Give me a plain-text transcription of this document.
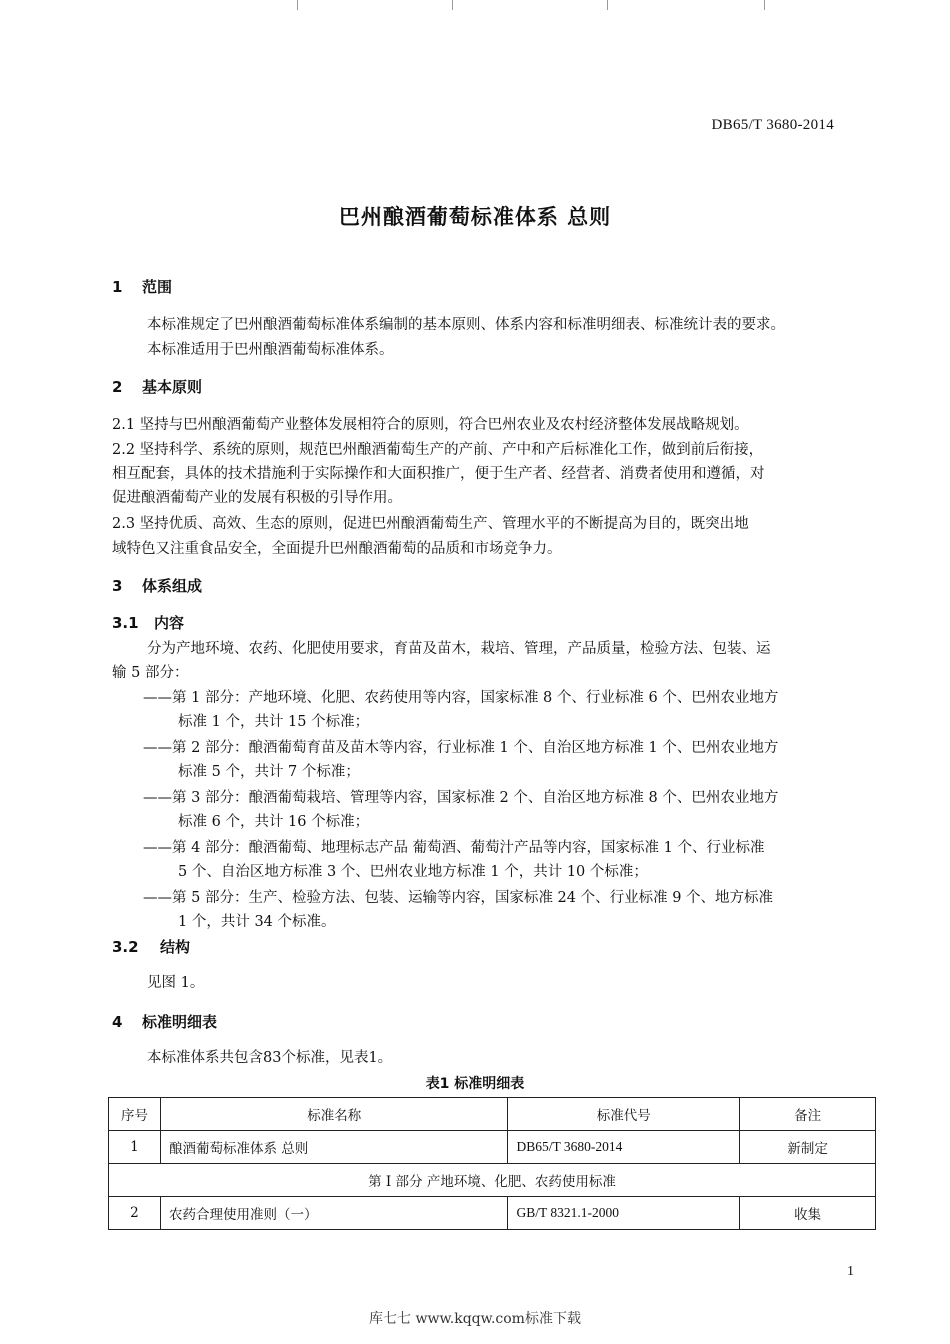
DB65/T 3680-2014
巴州酿酒葡萄标准体系 总则
1 范围
本标准规定了巴州酿酒葡萄标准体系编制的基本原则、体系内容和标准明细表、标准统计表的要求。
本标准适用于巴州酿酒葡萄标准体系。
2 基本原则
2.1 坚持与巴州酿酒葡萄产业整体发展相符合的原则，符合巴州农业及农村经济整体发展战略规划。
2.2 坚持科学、系统的原则，规范巴州酿酒葡萄生产的产前、产中和产后标准化工作，做到前后衔接，
相互配套，具体的技术措施利于实际操作和大面积推广，便于生产者、经营者、消费者使用和遵循，对
促进酿酒葡萄产业的发展有积极的引导作用。
2.3 坚持优质、高效、生态的原则，促进巴州酿酒葡萄生产、管理水平的不断提高为目的，既突出地
域特色又注重食品安全，全面提升巴州酿酒葡萄的品质和市场竞争力。
3 体系组成
3.1 内容
分为产地环境、农药、化肥使用要求，育苗及苗木，栽培、管理，产品质量，检验方法、包装、运
输 5 部分：
——第 1 部分：产地环境、化肥、农药使用等内容，国家标准 8 个、行业标准 6 个、巴州农业地方
标准 1 个，共计 15 个标准；
——第 2 部分：酿酒葡萄育苗及苗木等内容，行业标准 1 个、自治区地方标准 1 个、巴州农业地方
标准 5 个，共计 7 个标准；
——第 3 部分：酿酒葡萄栽培、管理等内容，国家标准 2 个、自治区地方标准 8 个、巴州农业地方
标准 6 个，共计 16 个标准；
——第 4 部分：酿酒葡萄、地理标志产品 葡萄酒、葡萄汁产品等内容，国家标准 1 个、行业标准
5 个、自治区地方标准 3 个、巴州农业地方标准 1 个，共计 10 个标准；
——第 5 部分：生产、检验方法、包装、运输等内容，国家标准 24 个、行业标准 9 个、地方标准
1 个，共计 34 个标准。
3.2 结构
见图 1。
4 标准明细表
本标准体系共包含83个标准，见表1。
表1 标准明细表
序号	标准名称	标准代号	备注
1	酿酒葡萄标准体系 总则	DB65/T 3680-2014	新制定
第 I 部分 产地环境、化肥、农药使用标准			
2	农药合理使用准则（一）	GB/T 8321.1-2000	收集
1
库七七 www.kqqw.com标准下载
